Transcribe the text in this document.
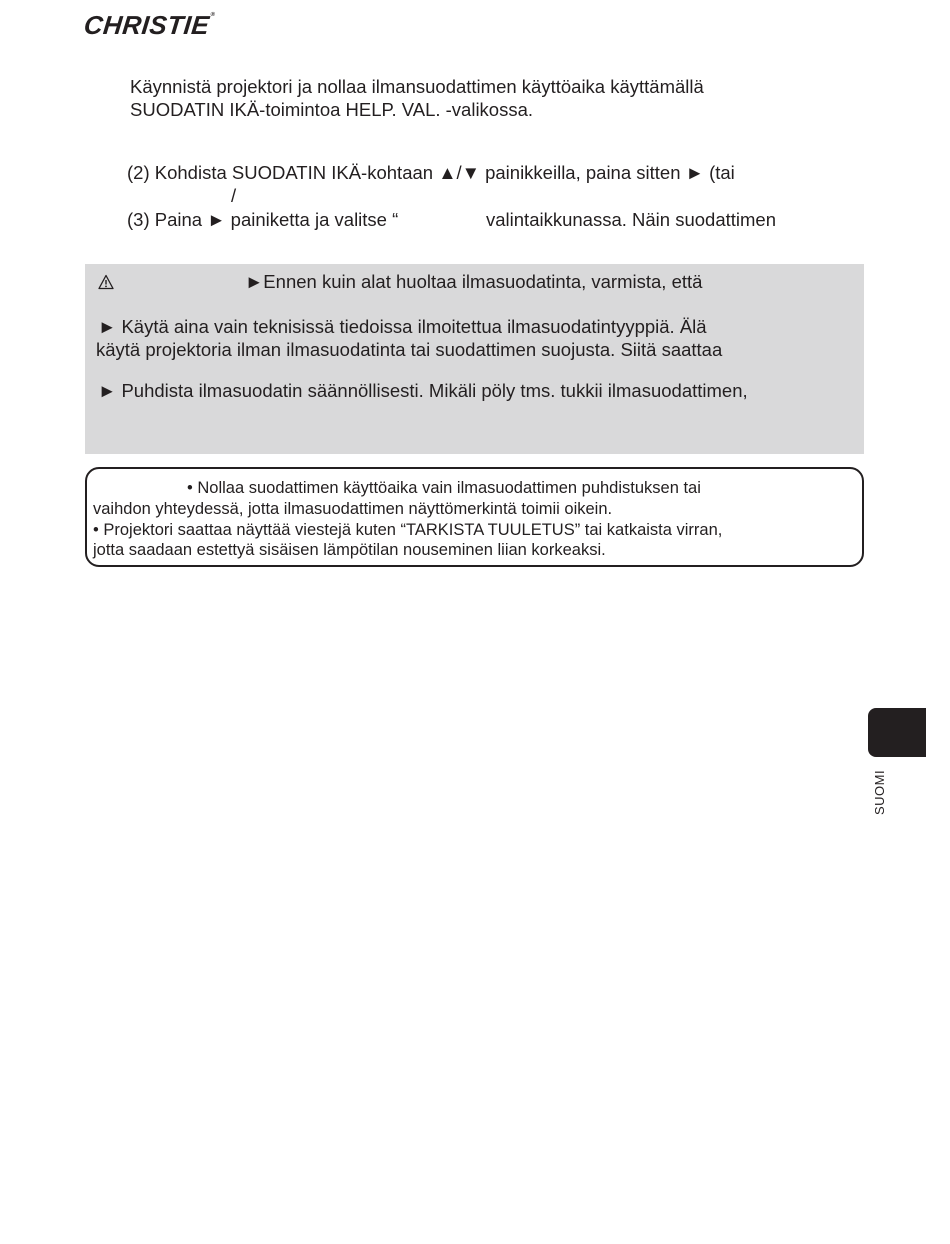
CHRISTIE®
Käynnistä projektori ja nollaa ilmansuodattimen käyttöaika käyttämällä
SUODATIN IKÄ-toimintoa HELP. VAL. -valikossa.
(2) Kohdista SUODATIN IKÄ-kohtaan ▲/▼ painikkeilla, paina sitten ► (tai
/
(3) Paina ► painiketta ja valitse “	valintaikkunassa. Näin suodattimen
►Ennen kuin alat huoltaa ilmasuodatinta, varmista, että
► Käytä aina vain teknisissä tiedoissa ilmoitettua ilmasuodatintyyppiä. Älä
käytä projektoria ilman ilmasuodatinta tai suodattimen suojusta. Siitä saattaa
► Puhdista ilmasuodatin säännöllisesti. Mikäli pöly tms. tukkii ilmasuodattimen,
• Nollaa suodattimen käyttöaika vain ilmasuodattimen puhdistuksen tai
vaihdon yhteydessä, jotta ilmasuodattimen näyttömerkintä toimii oikein.
• Projektori saattaa näyttää viestejä kuten “TARKISTA TUULETUS” tai katkaista virran,
jotta saadaan estettyä sisäisen lämpötilan nouseminen liian korkeaksi.
SUOMI
